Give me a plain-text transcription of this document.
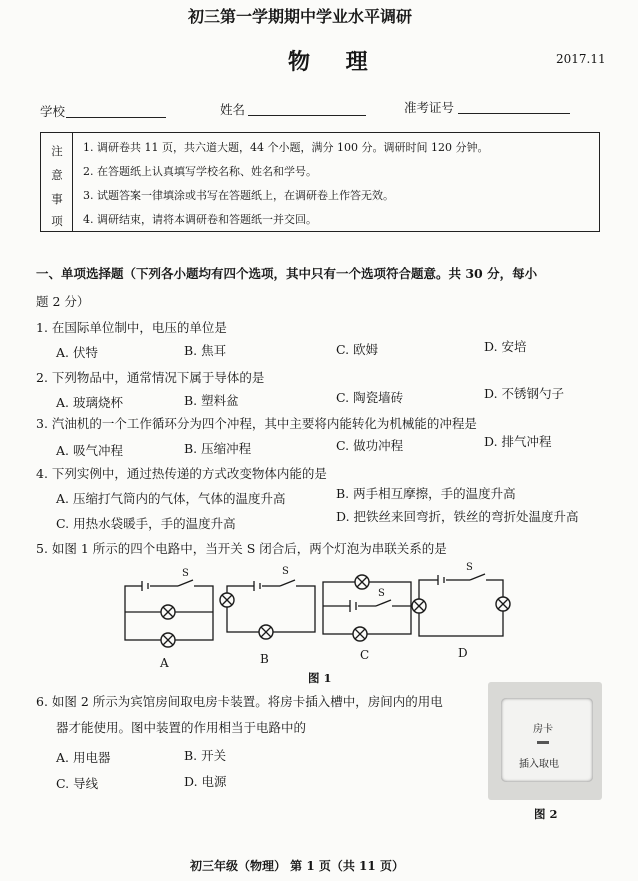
初三第一学期期中学业水平调研
物 理	2017.11
学校	姓名	准考证号
注
意
事
项
1. 调研卷共 11 页，共六道大题，44 个小题，满分 100 分。调研时间 120 分钟。
2. 在答题纸上认真填写学校名称、姓名和学号。
3. 试题答案一律填涂或书写在答题纸上，在调研卷上作答无效。
4. 调研结束，请将本调研卷和答题纸一并交回。
一、单项选择题（下列各小题均有四个选项，其中只有一个选项符合题意。共 30 分，每小
题 2 分）
1. 在国际单位制中，电压的单位是
A. 伏特	B. 焦耳	C. 欧姆	D. 安培
2. 下列物品中，通常情况下属于导体的是
A. 玻璃烧杯	B. 塑料盆	C. 陶瓷墙砖	D. 不锈钢勺子
3. 汽油机的一个工作循环分为四个冲程，其中主要将内能转化为机械能的冲程是
A. 吸气冲程	B. 压缩冲程	C. 做功冲程	D. 排气冲程
4. 下列实例中，通过热传递的方式改变物体内能的是
A. 压缩打气筒内的气体，气体的温度升高	B. 两手相互摩擦，手的温度升高
C. 用热水袋暖手，手的温度升高	D. 把铁丝来回弯折，铁丝的弯折处温度升高
5. 如图 1 所示的四个电路中，当开关 S 闭合后，两个灯泡为串联关系的是
S
A
S
B
S
C
S
D
图 1
6. 如图 2 所示为宾馆房间取电房卡装置。将房卡插入槽中，房间内的用电
器才能使用。图中装置的作用相当于电路中的
A. 用电器	B. 开关
C. 导线	D. 电源
房卡
插入取电
图 2
初三年级（物理） 第 1 页（共 11 页）
